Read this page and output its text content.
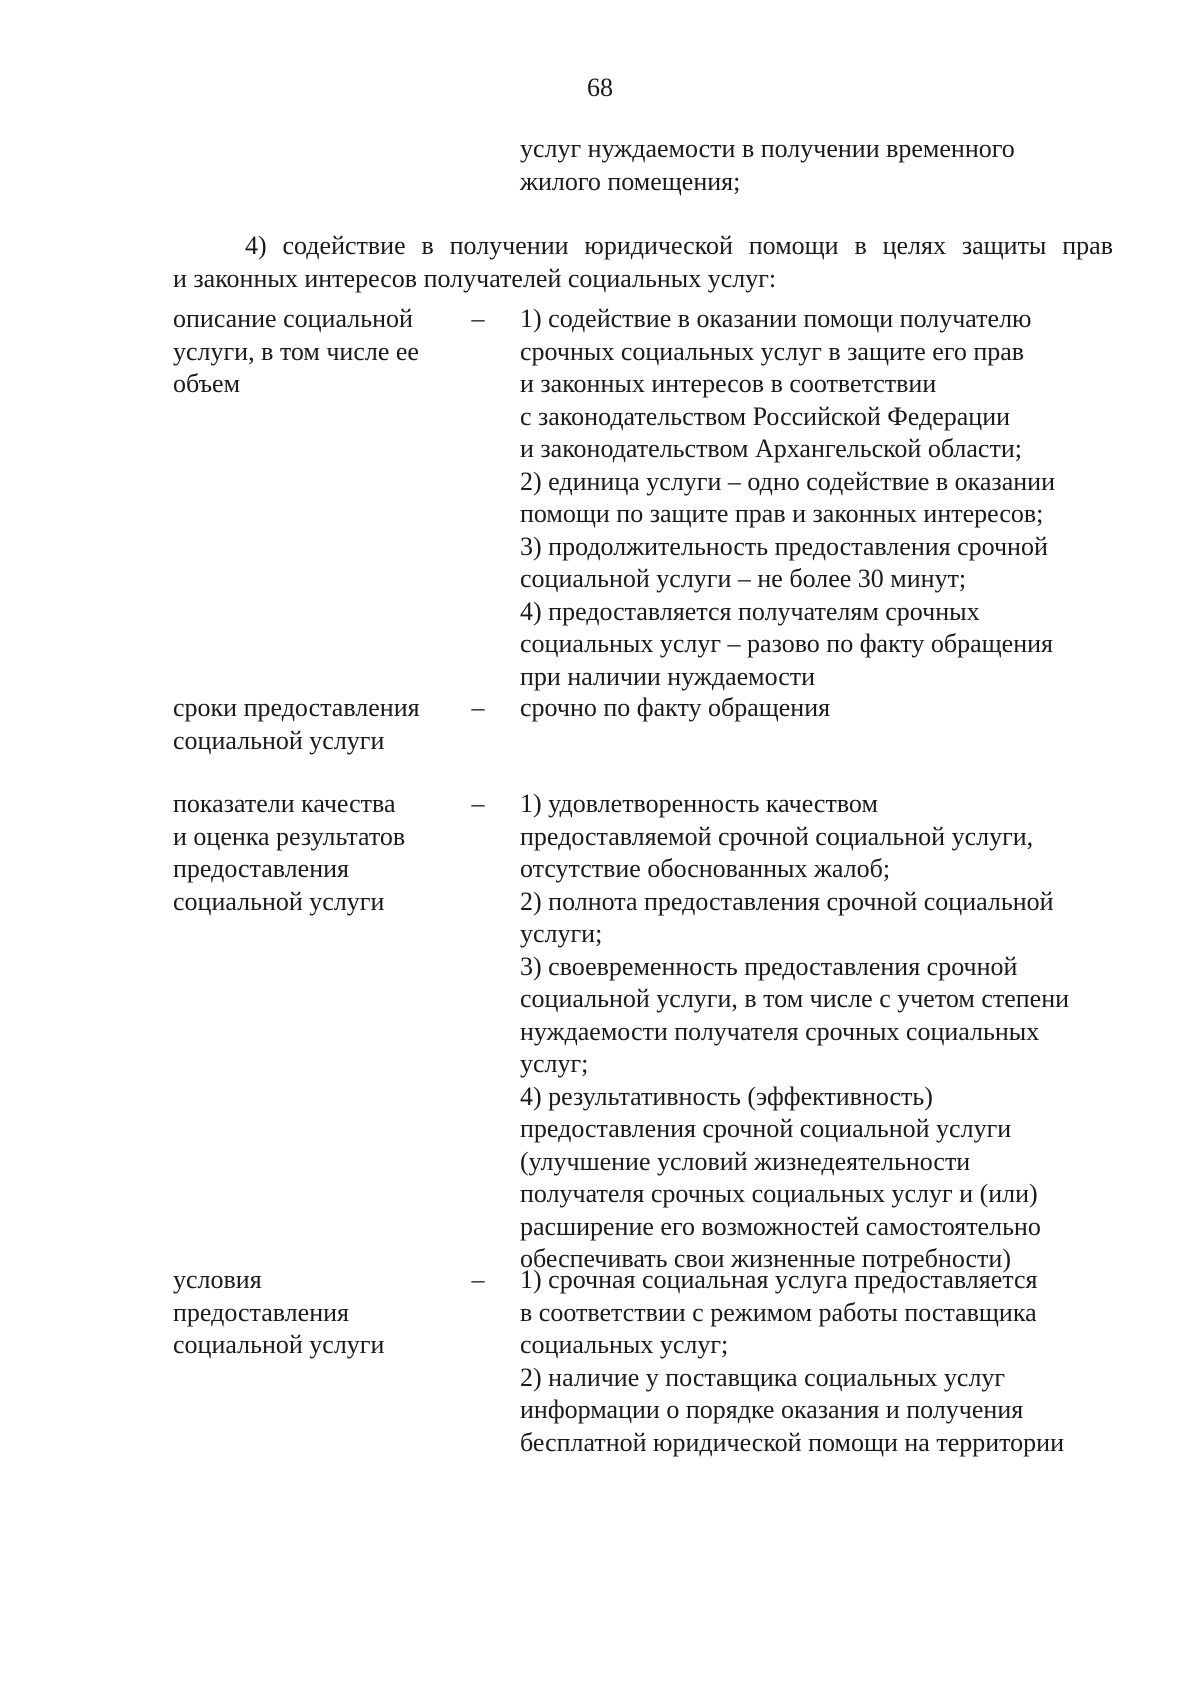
68
услуг нуждаемости в получении временного
жилого помещения;
4) содействие в получении юридической помощи в целях защиты прав
и законных интересов получателей социальных услуг:
описание социальной
услуги, в том числе ее
объем
– 1) содействие в оказании помощи получателю
срочных социальных услуг в защите его прав
и законных интересов в соответствии
с законодательством Российской Федерации
и законодательством Архангельской области;
2) единица услуги – одно содействие в оказании
помощи по защите прав и законных интересов;
3) продолжительность предоставления срочной
социальной услуги – не более 30 минут;
4) предоставляется получателям срочных
социальных услуг – разово по факту обращения
при наличии нуждаемости
сроки предоставления
социальной услуги
– срочно по факту обращения
показатели качества
и оценка результатов
предоставления
социальной услуги
– 1) удовлетворенность качеством
предоставляемой срочной социальной услуги,
отсутствие обоснованных жалоб;
2) полнота предоставления срочной социальной
услуги;
3) своевременность предоставления срочной
социальной услуги, в том числе с учетом степени
нуждаемости получателя срочных социальных
услуг;
4) результативность (эффективность)
предоставления срочной социальной услуги
(улучшение условий жизнедеятельности
получателя срочных социальных услуг и (или)
расширение его возможностей самостоятельно
обеспечивать свои жизненные потребности)
условия
предоставления
социальной услуги
– 1) срочная социальная услуга предоставляется
в соответствии с режимом работы поставщика
социальных услуг;
2) наличие у поставщика социальных услуг
информации о порядке оказания и получения
бесплатной юридической помощи на территории
